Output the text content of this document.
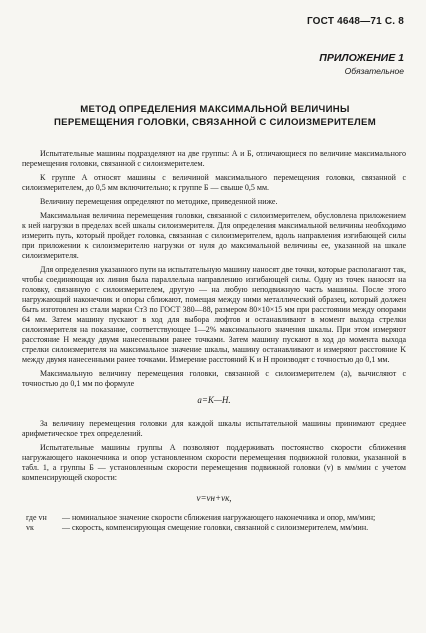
ГОСТ 4648—71 С. 8
ПРИЛОЖЕНИЕ 1
Обязательное
МЕТОД ОПРЕДЕЛЕНИЯ МАКСИМАЛЬНОЙ ВЕЛИЧИНЫ
ПЕРЕМЕЩЕНИЯ ГОЛОВКИ, СВЯЗАННОЙ С СИЛОИЗМЕРИТЕЛЕМ

Испытательные машины подразделяют на две группы: А и Б, отличающиеся по величине максимального перемещения головки, связанной с силоизмерителем.

К группе А относят машины с величиной максимального перемещения головки, связанной с силоизмерителем, до 0,5 мм включительно; к группе Б — свыше 0,5 мм.

Величину перемещения определяют по методике, приведенной ниже.

Максимальная величина перемещения головки, связанной с силоизмерителем, обусловлена приложением к ней нагрузки в пределах всей шкалы силоизмерителя. Для определения максимальной величины необходимо измерить путь, который пройдет головка, связанная с силоизмерителем, вдоль направления изгибающей силы при приложении к силоизмерителю нагрузки от нуля до максимальной величины ее, указанной на шкале силоизмерителя.

Для определения указанного пути на испытательную машину наносят две точки, которые располагают так, чтобы соединяющая их линия была параллельна направлению изгибающей силы. Одну из точек наносят на головку, связанную с силоизмерителем, другую — на любую неподвижную часть машины. После этого нагружающий наконечник и опоры сближают, помещая между ними металлический образец, который должен быть изготовлен из стали марки Ст3 по ГОСТ 380—88, размером 80×10×15 мм при расстоянии между опорами 64 мм. Затем машину пускают в ход для выбора люфтов и останавливают в момент выхода стрелки силоизмерителя на показание, соответствующее 1—2% максимального значения шкалы. При этом измеряют расстояние H между двумя нанесенными ранее точками. Затем машину пускают в ход до момента выхода стрелки силоизмерителя на максимальное значение шкалы, машину останавливают и измеряют расстояние K между двумя нанесенными ранее точками. Измерение расстояний K и H производят с точностью до 0,1 мм.

Максимальную величину перемещения головки, связанной с силоизмерителем (a), вычисляют с точностью до 0,1 мм по формуле

a=K—H.

За величину перемещения головки для каждой шкалы испытательной машины принимают среднее арифметическое трех определений.

Испытательные машины группы А позволяют поддерживать постоянство скорости сближения нагружающего наконечника и опор установленном скорости перемещения подвижной головки, указанной в табл. 1, а группы Б — установленным скорости перемещения подвижной головки (v) в мм/мин с учетом компенсирующей скорости:

v=vн+vк,
где vн	— номинальное значение скорости сближения нагружающего наконечника и опор, мм/мин;
vк	— скорость, компенсирующая смещение головки, связанной с силоизмерителем, мм/мин.
